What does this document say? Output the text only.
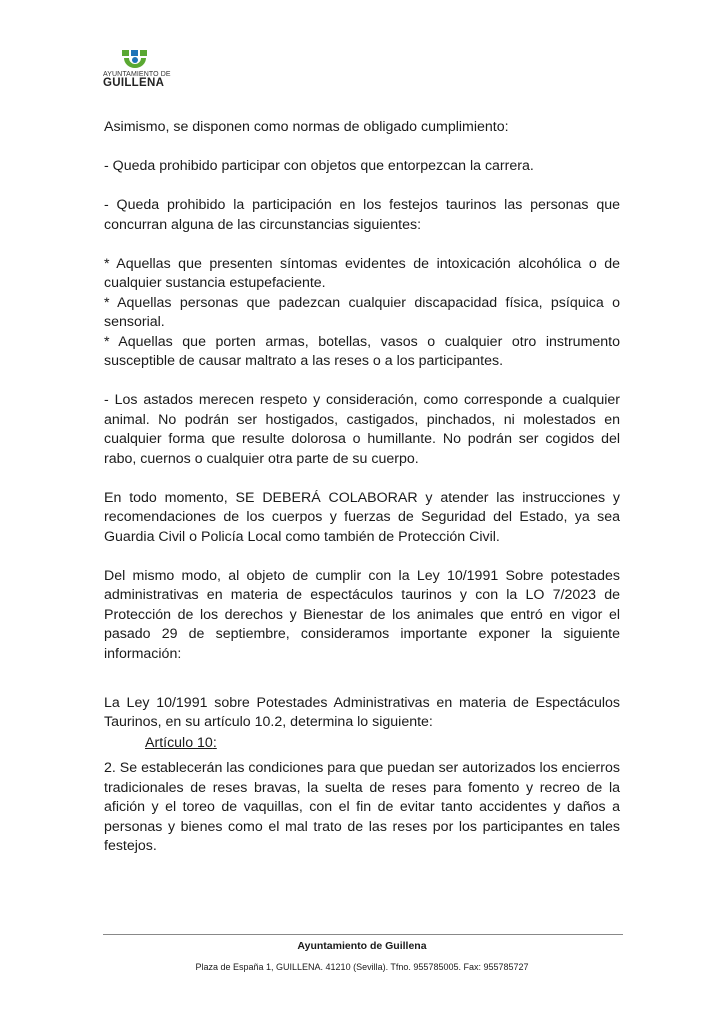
AYUNTAMIENTO DE
GUILLENA

Asimismo, se disponen como normas de obligado cumplimiento:

- Queda prohibido participar con objetos que entorpezcan la carrera.

- Queda prohibido la participación en los festejos taurinos las personas que concurran alguna de las circunstancias siguientes:

* Aquellas que presenten síntomas evidentes de intoxicación alcohólica o de cualquier sustancia estupefaciente.

* Aquellas personas que padezcan cualquier discapacidad física, psíquica o sensorial.

* Aquellas que porten armas, botellas, vasos o cualquier otro instrumento susceptible de causar maltrato a las reses o a los participantes.

- Los astados merecen respeto y consideración, como corresponde a cualquier animal. No podrán ser hostigados, castigados, pinchados, ni molestados en cualquier forma que resulte dolorosa o humillante. No podrán ser cogidos del rabo, cuernos o cualquier otra parte de su cuerpo.

En todo momento, SE DEBERÁ COLABORAR y atender las instrucciones y recomendaciones de los cuerpos y fuerzas de Seguridad del Estado, ya sea Guardia Civil o Policía Local como también de Protección Civil.

Del mismo modo, al objeto de cumplir con la Ley 10/1991 Sobre potestades administrativas en materia de espectáculos taurinos y con la LO 7/2023 de Protección de los derechos y Bienestar de los animales que entró en vigor el pasado 29 de septiembre, consideramos importante exponer la siguiente información:

La Ley 10/1991 sobre Potestades Administrativas en materia de Espectáculos Taurinos, en su artículo 10.2, determina lo siguiente:

Artículo 10:

2. Se establecerán las condiciones para que puedan ser autorizados los encierros tradicionales de reses bravas, la suelta de reses para fomento y recreo de la afición y el toreo de vaquillas, con el fin de evitar tanto accidentes y daños a personas y bienes como el mal trato de las reses por los participantes en tales festejos.

Ayuntamiento de Guillena
Plaza de España 1, GUILLENA. 41210 (Sevilla). Tfno. 955785005. Fax: 955785727
